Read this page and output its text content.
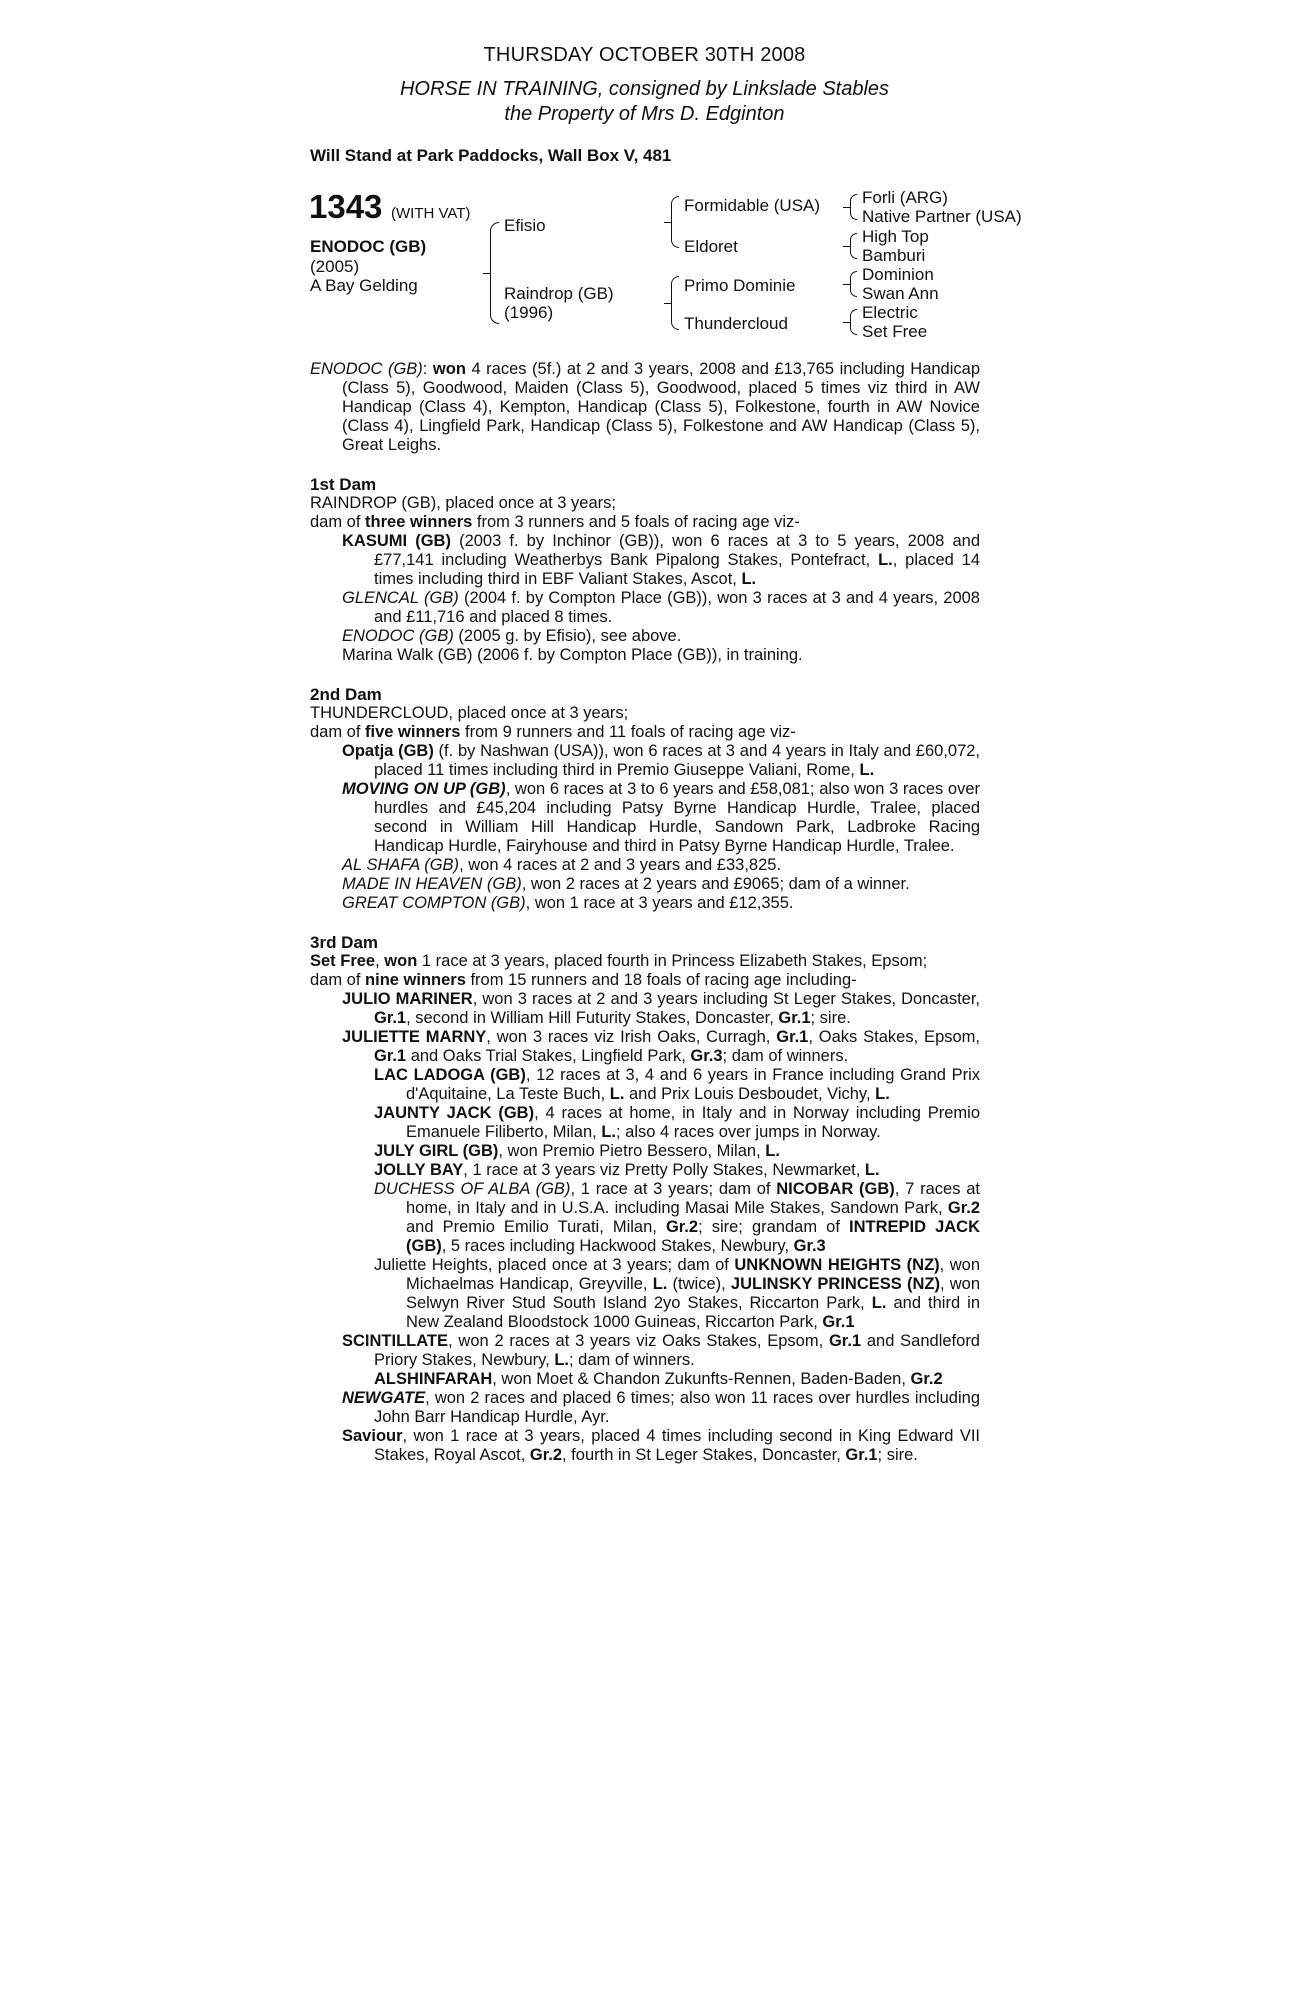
THURSDAY OCTOBER 30TH 2008
HORSE IN TRAINING, consigned by Linkslade Stables
the Property of Mrs D. Edginton
Will Stand at Park Paddocks, Wall Box V, 481
1343 (WITH VAT)
ENODOC (GB)
(2005)
A Bay Gelding
Efisio
Raindrop (GB)
(1996)
Formidable (USA)
Eldoret
Primo Dominie
Thundercloud
Forli (ARG)
Native Partner (USA)
High Top
Bamburi
Dominion
Swan Ann
Electric
Set Free

ENODOC (GB): won 4 races (5f.) at 2 and 3 years, 2008 and £13,765 including Handicap (Class 5), Goodwood, Maiden (Class 5), Goodwood, placed 5 times viz third in AW Handicap (Class 4), Kempton, Handicap (Class 5), Folkestone, fourth in AW Novice (Class 4), Lingfield Park, Handicap (Class 5), Folkestone and AW Handicap (Class 5), Great Leighs.

1st Dam

RAINDROP (GB), placed once at 3 years;

dam of three winners from 3 runners and 5 foals of racing age viz-

KASUMI (GB) (2003 f. by Inchinor (GB)), won 6 races at 3 to 5 years, 2008 and £77,141 including Weatherbys Bank Pipalong Stakes, Pontefract, L., placed 14 times including third in EBF Valiant Stakes, Ascot, L.

GLENCAL (GB) (2004 f. by Compton Place (GB)), won 3 races at 3 and 4 years, 2008 and £11,716 and placed 8 times.

ENODOC (GB) (2005 g. by Efisio), see above.

Marina Walk (GB) (2006 f. by Compton Place (GB)), in training.

2nd Dam

THUNDERCLOUD, placed once at 3 years;

dam of five winners from 9 runners and 11 foals of racing age viz-

Opatja (GB) (f. by Nashwan (USA)), won 6 races at 3 and 4 years in Italy and £60,072, placed 11 times including third in Premio Giuseppe Valiani, Rome, L.

MOVING ON UP (GB), won 6 races at 3 to 6 years and £58,081; also won 3 races over hurdles and £45,204 including Patsy Byrne Handicap Hurdle, Tralee, placed second in William Hill Handicap Hurdle, Sandown Park, Ladbroke Racing Handicap Hurdle, Fairyhouse and third in Patsy Byrne Handicap Hurdle, Tralee.

AL SHAFA (GB), won 4 races at 2 and 3 years and £33,825.

MADE IN HEAVEN (GB), won 2 races at 2 years and £9065; dam of a winner.

GREAT COMPTON (GB), won 1 race at 3 years and £12,355.

3rd Dam

Set Free, won 1 race at 3 years, placed fourth in Princess Elizabeth Stakes, Epsom;

dam of nine winners from 15 runners and 18 foals of racing age including-

JULIO MARINER, won 3 races at 2 and 3 years including St Leger Stakes, Doncaster, Gr.1, second in William Hill Futurity Stakes, Doncaster, Gr.1; sire.

JULIETTE MARNY, won 3 races viz Irish Oaks, Curragh, Gr.1, Oaks Stakes, Epsom, Gr.1 and Oaks Trial Stakes, Lingfield Park, Gr.3; dam of winners.

LAC LADOGA (GB), 12 races at 3, 4 and 6 years in France including Grand Prix d'Aquitaine, La Teste Buch, L. and Prix Louis Desboudet, Vichy, L.

JAUNTY JACK (GB), 4 races at home, in Italy and in Norway including Premio Emanuele Filiberto, Milan, L.; also 4 races over jumps in Norway.

JULY GIRL (GB), won Premio Pietro Bessero, Milan, L.

JOLLY BAY, 1 race at 3 years viz Pretty Polly Stakes, Newmarket, L.

DUCHESS OF ALBA (GB), 1 race at 3 years; dam of NICOBAR (GB), 7 races at home, in Italy and in U.S.A. including Masai Mile Stakes, Sandown Park, Gr.2 and Premio Emilio Turati, Milan, Gr.2; sire; grandam of INTREPID JACK (GB), 5 races including Hackwood Stakes, Newbury, Gr.3

Juliette Heights, placed once at 3 years; dam of UNKNOWN HEIGHTS (NZ), won Michaelmas Handicap, Greyville, L. (twice), JULINSKY PRINCESS (NZ), won Selwyn River Stud South Island 2yo Stakes, Riccarton Park, L. and third in New Zealand Bloodstock 1000 Guineas, Riccarton Park, Gr.1

SCINTILLATE, won 2 races at 3 years viz Oaks Stakes, Epsom, Gr.1 and Sandleford Priory Stakes, Newbury, L.; dam of winners.

ALSHINFARAH, won Moet & Chandon Zukunfts-Rennen, Baden-Baden, Gr.2

NEWGATE, won 2 races and placed 6 times; also won 11 races over hurdles including John Barr Handicap Hurdle, Ayr.

Saviour, won 1 race at 3 years, placed 4 times including second in King Edward VII Stakes, Royal Ascot, Gr.2, fourth in St Leger Stakes, Doncaster, Gr.1; sire.
